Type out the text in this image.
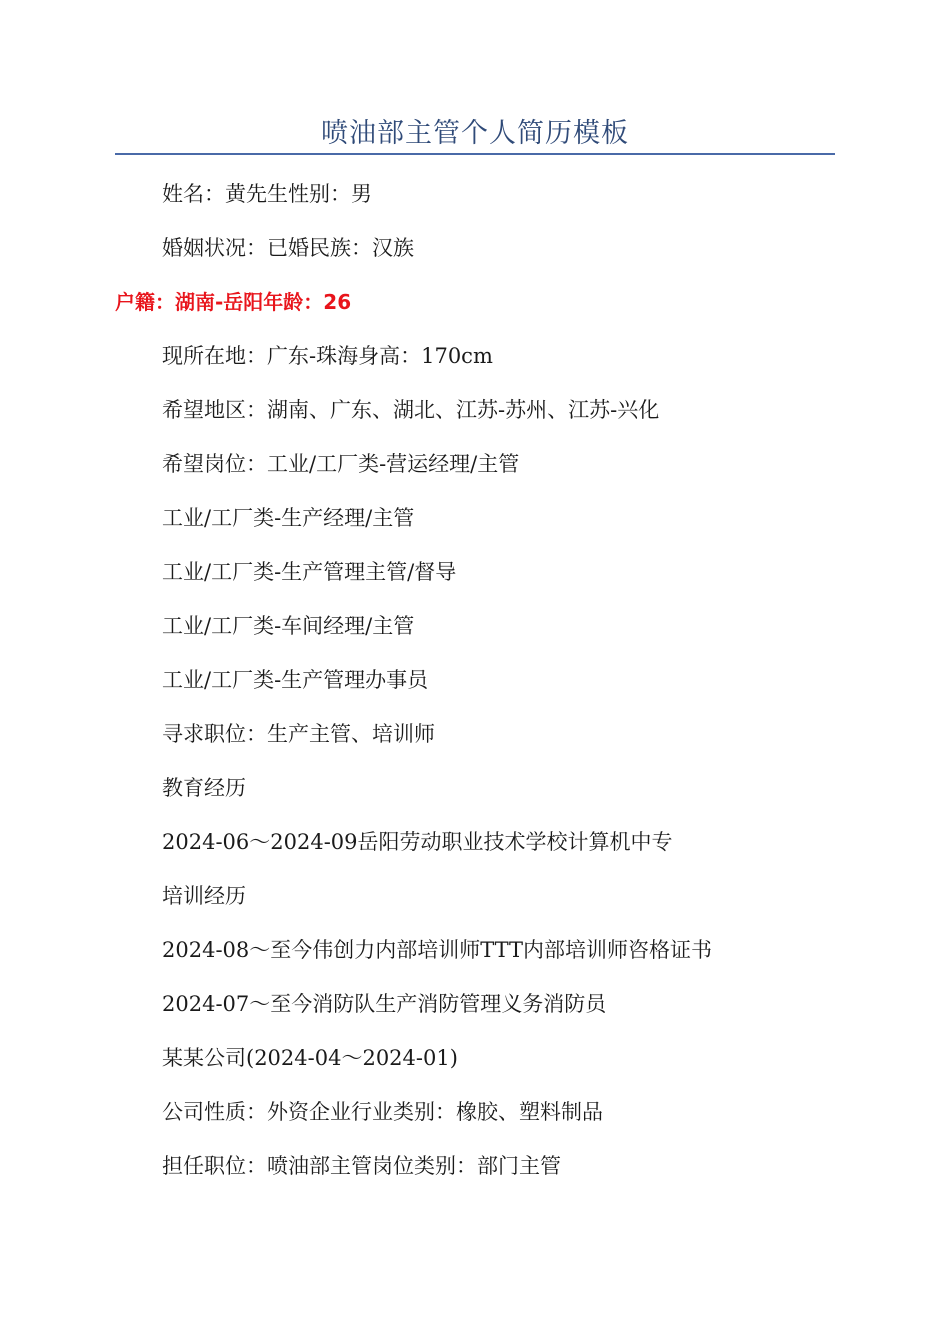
喷油部主管个人简历模板
姓名：黄先生性别：男
婚姻状况：已婚民族：汉族
户籍：湖南-岳阳年龄：26
现所在地：广东-珠海身高：170cm
希望地区：湖南、广东、湖北、江苏-苏州、江苏-兴化
希望岗位：工业/工厂类-营运经理/主管
工业/工厂类-生产经理/主管
工业/工厂类-生产管理主管/督导
工业/工厂类-车间经理/主管
工业/工厂类-生产管理办事员
寻求职位：生产主管、培训师
教育经历
2024-06～2024-09岳阳劳动职业技术学校计算机中专
培训经历
2024-08～至今伟创力内部培训师TTT内部培训师咨格证书
2024-07～至今消防队生产消防管理义务消防员
某某公司(2024-04～2024-01)
公司性质：外资企业行业类别：橡胶、塑料制品
担任职位：喷油部主管岗位类别：部门主管
